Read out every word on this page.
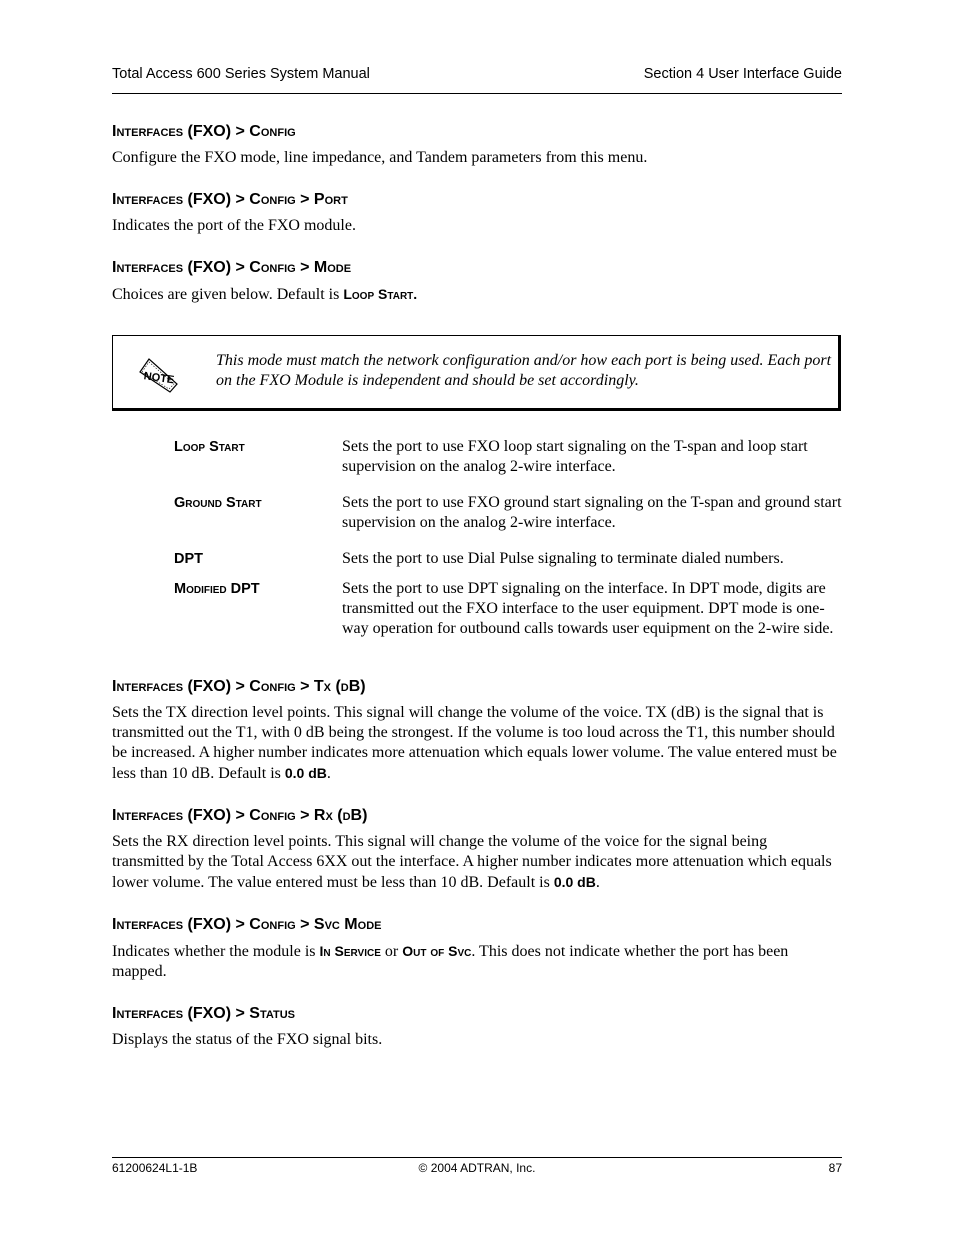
Total Access 600 Series System Manual	Section 4 User Interface Guide
Interfaces (FXO) > Config

Configure the FXO mode, line impedance, and Tandem parameters from this menu.

Interfaces (FXO) > Config > Port

Indicates the port of the FXO module.

Interfaces (FXO) > Config > Mode

Choices are given below. Default is Loop Start.

NOTE
This mode must match the network configuration and/or how each port is being used. Each port on the FXO Module is independent and should be set accordingly.
Loop Start	Sets the port to use FXO loop start signaling on the T-span and loop start supervision on the analog 2-wire interface.
Ground Start	Sets the port to use FXO ground start signaling on the T-span and ground start supervision on the analog 2-wire interface.
DPT	Sets the port to use Dial Pulse signaling to terminate dialed numbers.
Modified DPT	Sets the port to use DPT signaling on the interface. In DPT mode, digits are transmitted out the FXO interface to the user equipment. DPT mode is one-way operation for outbound calls towards user equipment on the 2-wire side.
Interfaces (FXO) > Config > Tx (dB)

Sets the TX direction level points. This signal will change the volume of the voice. TX (dB) is the signal that is transmitted out the T1, with 0 dB being the strongest. If the volume is too loud across the T1, this number should be increased. A higher number indicates more attenuation which equals lower volume. The value entered must be less than 10 dB. Default is 0.0 dB.

Interfaces (FXO) > Config > Rx (dB)

Sets the RX direction level points. This signal will change the volume of the voice for the signal being transmitted by the Total Access 6XX out the interface. A higher number indicates more attenuation which equals lower volume. The value entered must be less than 10 dB. Default is 0.0 dB.

Interfaces (FXO) > Config > Svc Mode

Indicates whether the module is In Service or Out of Svc. This does not indicate whether the port has been mapped.

Interfaces (FXO) > Status

Displays the status of the FXO signal bits.

61200624L1-1B	© 2004 ADTRAN, Inc.	87
